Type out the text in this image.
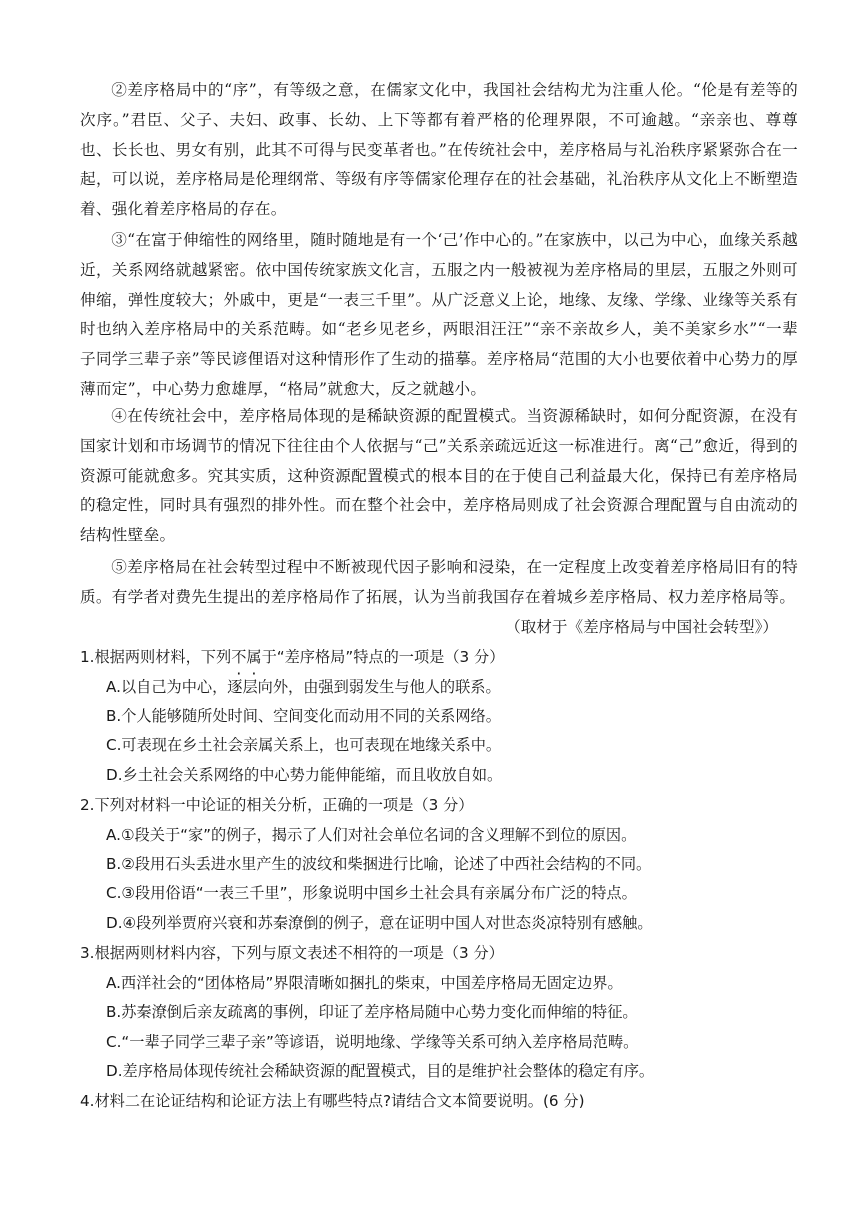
②差序格局中的“序”，有等级之意，在儒家文化中，我国社会结构尤为注重人伦。“伦是有差等的次序。”君臣、父子、夫妇、政事、长幼、上下等都有着严格的伦理界限，不可逾越。“亲亲也、尊尊也、长长也、男女有别，此其不可得与民变革者也。”在传统社会中，差序格局与礼治秩序紧紧弥合在一起，可以说，差序格局是伦理纲常、等级有序等儒家伦理存在的社会基础，礼治秩序从文化上不断塑造着、强化着差序格局的存在。

③“在富于伸缩性的网络里，随时随地是有一个‘己’作中心的。”在家族中，以己为中心，血缘关系越近，关系网络就越紧密。依中国传统家族文化言，五服之内一般被视为差序格局的里层，五服之外则可伸缩，弹性度较大；外戚中，更是“一表三千里”。从广泛意义上论，地缘、友缘、学缘、业缘等关系有时也纳入差序格局中的关系范畴。如“老乡见老乡，两眼泪汪汪”“亲不亲故乡人，美不美家乡水”“一辈子同学三辈子亲”等民谚俚语对这种情形作了生动的描摹。差序格局“范围的大小也要依着中心势力的厚薄而定”，中心势力愈雄厚，“格局”就愈大，反之就越小。

④在传统社会中，差序格局体现的是稀缺资源的配置模式。当资源稀缺时，如何分配资源，在没有国家计划和市场调节的情况下往往由个人依据与“己”关系亲疏远近这一标准进行。离“己”愈近，得到的资源可能就愈多。究其实质，这种资源配置模式的根本目的在于使自己利益最大化，保持已有差序格局的稳定性，同时具有强烈的排外性。而在整个社会中，差序格局则成了社会资源合理配置与自由流动的结构性壁垒。

⑤差序格局在社会转型过程中不断被现代因子影响和浸染，在一定程度上改变着差序格局旧有的特质。有学者对费先生提出的差序格局作了拓展，认为当前我国存在着城乡差序格局、权力差序格局等。

（取材于《差序格局与中国社会转型》）

1.根据两则材料，下列不属于“差序格局”特点的一项是（3 分）

A.以自己为中心，逐层向外，由强到弱发生与他人的联系。

B.个人能够随所处时间、空间变化而动用不同的关系网络。

C.可表现在乡土社会亲属关系上，也可表现在地缘关系中。

D.乡土社会关系网络的中心势力能伸能缩，而且收放自如。

2.下列对材料一中论证的相关分析，正确的一项是（3 分）

A.①段关于“家”的例子，揭示了人们对社会单位名词的含义理解不到位的原因。

B.②段用石头丢进水里产生的波纹和柴捆进行比喻，论述了中西社会结构的不同。

C.③段用俗语“一表三千里”，形象说明中国乡土社会具有亲属分布广泛的特点。

D.④段列举贾府兴衰和苏秦潦倒的例子，意在证明中国人对世态炎凉特别有感触。

3.根据两则材料内容，下列与原文表述不相符的一项是（3 分）

A.西洋社会的“团体格局”界限清晰如捆扎的柴束，中国差序格局无固定边界。

B.苏秦潦倒后亲友疏离的事例，印证了差序格局随中心势力变化而伸缩的特征。

C.“一辈子同学三辈子亲”等谚语，说明地缘、学缘等关系可纳入差序格局范畴。

D.差序格局体现传统社会稀缺资源的配置模式，目的是维护社会整体的稳定有序。

4.材料二在论证结构和论证方法上有哪些特点?请结合文本简要说明。(6 分)
